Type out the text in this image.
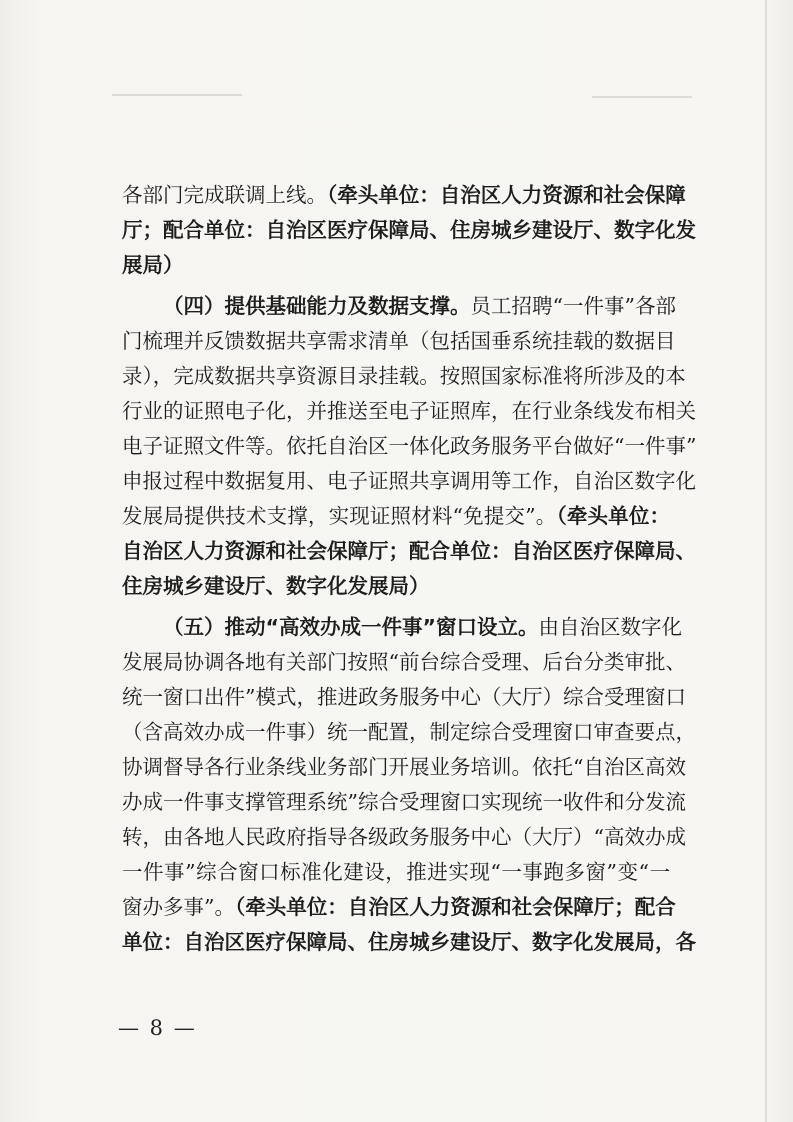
各部门完成联调上线。（牵头单位：自治区人力资源和社会保障
厅；配合单位：自治区医疗保障局、住房城乡建设厅、数字化发
展局）
（四）提供基础能力及数据支撑。员工招聘“一件事”各部
门梳理并反馈数据共享需求清单（包括国垂系统挂载的数据目
录），完成数据共享资源目录挂载。按照国家标准将所涉及的本
行业的证照电子化，并推送至电子证照库，在行业条线发布相关
电子证照文件等。依托自治区一体化政务服务平台做好“一件事”
申报过程中数据复用、电子证照共享调用等工作，自治区数字化
发展局提供技术支撑，实现证照材料“免提交”。（牵头单位：
自治区人力资源和社会保障厅；配合单位：自治区医疗保障局、
住房城乡建设厅、数字化发展局）
（五）推动“高效办成一件事”窗口设立。由自治区数字化
发展局协调各地有关部门按照“前台综合受理、后台分类审批、
统一窗口出件”模式，推进政务服务中心（大厅）综合受理窗口
（含高效办成一件事）统一配置，制定综合受理窗口审查要点，
协调督导各行业条线业务部门开展业务培训。依托“自治区高效
办成一件事支撑管理系统”综合受理窗口实现统一收件和分发流
转，由各地人民政府指导各级政务服务中心（大厅）“高效办成
一件事”综合窗口标准化建设，推进实现“一事跑多窗”变“一
窗办多事”。（牵头单位：自治区人力资源和社会保障厅；配合
单位：自治区医疗保障局、住房城乡建设厅、数字化发展局，各
— 8 —
